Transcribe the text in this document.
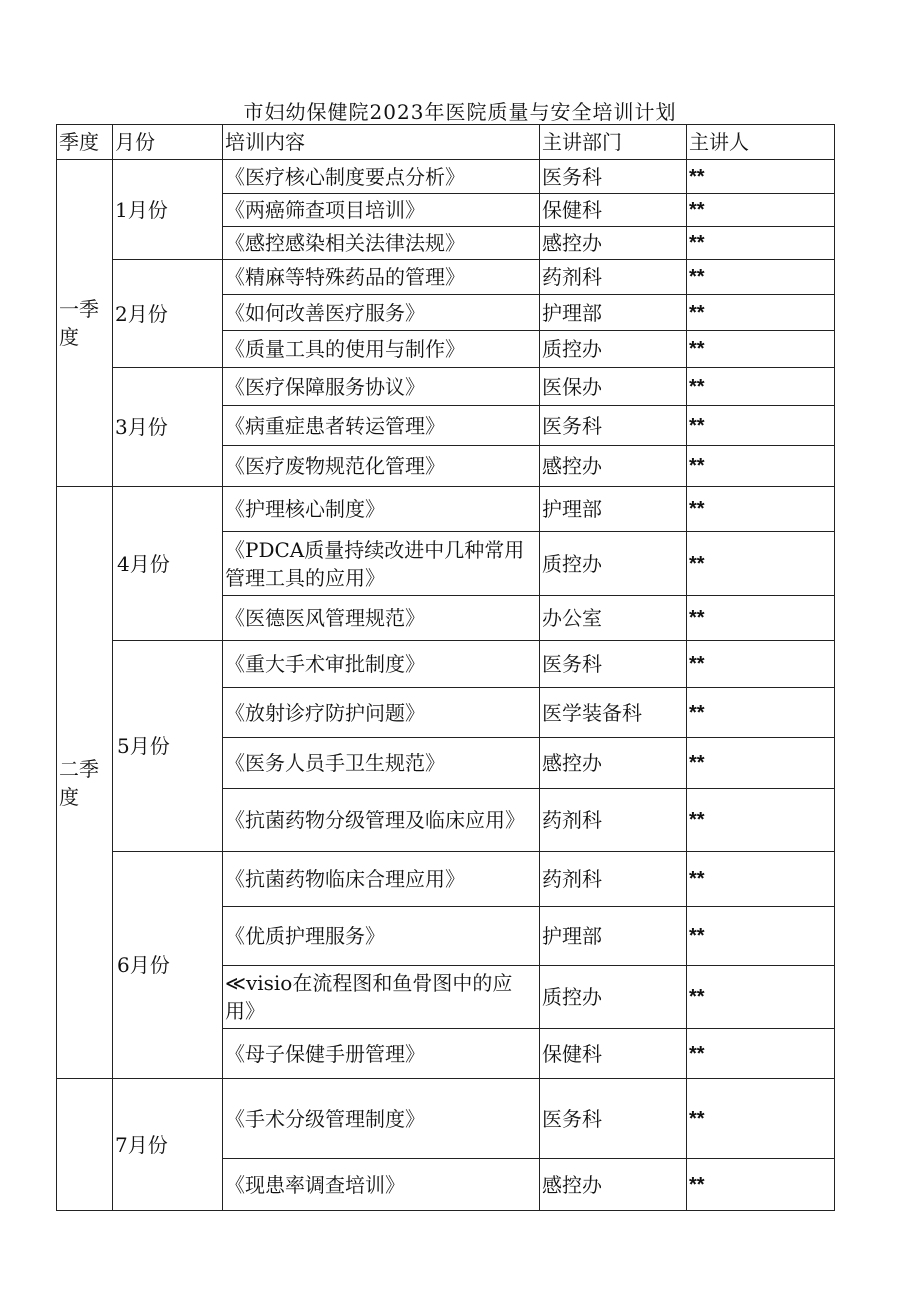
市妇幼保健院2023年医院质量与安全培训计划
季度	月份	培训内容	主讲部门	主讲人
一季度	1月份	《医疗核心制度要点分析》	医务科	**
		《两癌筛查项目培训》	保健科	**
		《感控感染相关法律法规》	感控办	**
	2月份	《精麻等特殊药品的管理》	药剂科	**
		《如何改善医疗服务》	护理部	**
		《质量工具的使用与制作》	质控办	**
	3月份	《医疗保障服务协议》	医保办	**
		《病重症患者转运管理》	医务科	**
		《医疗废物规范化管理》	感控办	**
二季度	4月份	《护理核心制度》	护理部	**
		《PDCA质量持续改进中几种常用管理工具的应用》	质控办	**
		《医德医风管理规范》	办公室	**
	5月份	《重大手术审批制度》	医务科	**
		《放射诊疗防护问题》	医学装备科	**
		《医务人员手卫生规范》	感控办	**
		《抗菌药物分级管理及临床应用》	药剂科	**
	6月份	《抗菌药物临床合理应用》	药剂科	**
		《优质护理服务》	护理部	**
		≪visio在流程图和鱼骨图中的应用》	质控办	**
		《母子保健手册管理》	保健科	**
	7月份	《手术分级管理制度》	医务科	**
		《现患率调查培训》	感控办	**
